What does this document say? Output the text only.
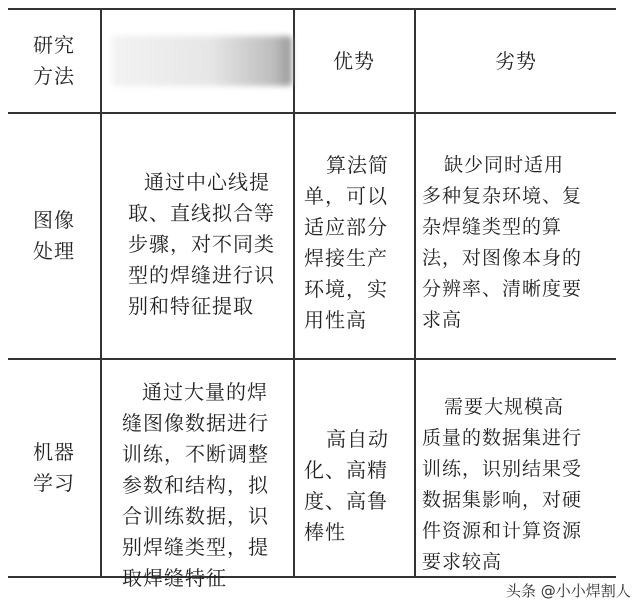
研究
方法
优势	劣势
图像
处理
通过中心线提
取、直线拟合等
步骤，对不同类
型的焊缝进行识
别和特征提取
算法简
单，可以
适应部分
焊接生产
环境，实
用性高
缺少同时适用
多种复杂环境、复
杂焊缝类型的算
法，对图像本身的
分辨率、清晰度要
求高
机器
学习
通过大量的焊
缝图像数据进行
训练，不断调整
参数和结构，拟
合训练数据，识
别焊缝类型，提
取焊缝特征
高自动
化、高精
度、高鲁
棒性
需要大规模高
质量的数据集进行
训练，识别结果受
数据集影响，对硬
件资源和计算资源
要求较高
头条 @小小焊割人
